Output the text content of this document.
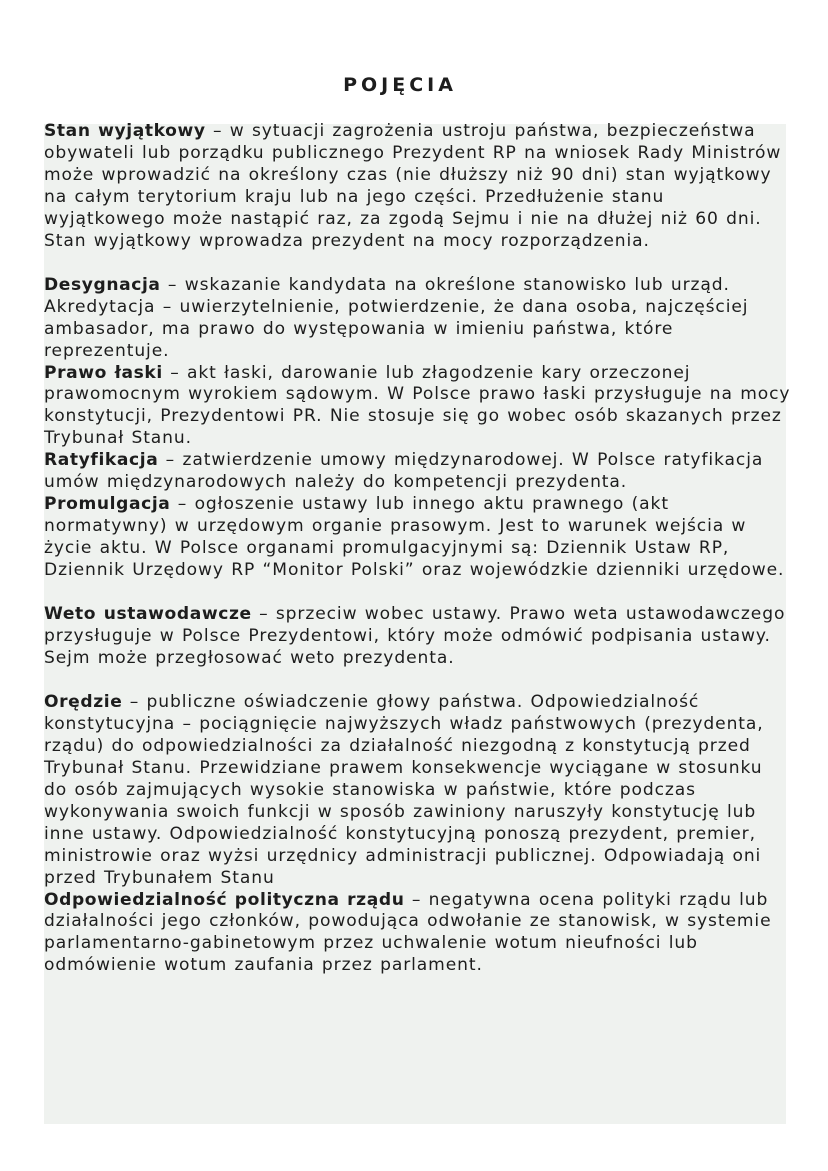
POJĘCIA

Stan wyjątkowy – w sytuacji zagrożenia ustroju państwa, bezpieczeństwa obywateli lub porządku publicznego Prezydent RP na wniosek Rady Ministrów może wprowadzić na określony czas (nie dłuższy niż 90 dni) stan wyjątkowy na całym terytorium kraju lub na jego części. Przedłużenie stanu wyjątkowego może nastąpić raz, za zgodą Sejmu i nie na dłużej niż 60 dni. Stan wyjątkowy wprowadza prezydent na mocy rozporządzenia.

Desygnacja – wskazanie kandydata na określone stanowisko lub urząd.

Akredytacja – uwierzytelnienie, potwierdzenie, że dana osoba, najczęściej ambasador, ma prawo do występowania w imieniu państwa, które reprezentuje.

Prawo łaski – akt łaski, darowanie lub złagodzenie kary orzeczonej prawomocnym wyrokiem sądowym. W Polsce prawo łaski przysługuje na mocy konstytucji, Prezydentowi PR. Nie stosuje się go wobec osób skazanych przez Trybunał Stanu.

Ratyfikacja – zatwierdzenie umowy międzynarodowej. W Polsce ratyfikacja umów międzynarodowych należy do kompetencji prezydenta.

Promulgacja – ogłoszenie ustawy lub innego aktu prawnego (akt normatywny) w urzędowym organie prasowym. Jest to warunek wejścia w życie aktu. W Polsce organami promulgacyjnymi są: Dziennik Ustaw RP, Dziennik Urzędowy RP “Monitor Polski” oraz wojewódzkie dzienniki urzędowe.

Weto ustawodawcze – sprzeciw wobec ustawy. Prawo weta ustawodawczego przysługuje w Polsce Prezydentowi, który może odmówić podpisania ustawy. Sejm może przegłosować weto prezydenta.

Orędzie – publiczne oświadczenie głowy państwa. Odpowiedzialność konstytucyjna – pociągnięcie najwyższych władz państwowych (prezydenta, rządu) do odpowiedzialności za działalność niezgodną z konstytucją przed Trybunał Stanu. Przewidziane prawem konsekwencje wyciągane w stosunku do osób zajmujących wysokie stanowiska w państwie, które podczas wykonywania swoich funkcji w sposób zawiniony naruszyły konstytucję lub inne ustawy. Odpowiedzialność konstytucyjną ponoszą prezydent, premier, ministrowie oraz wyżsi urzędnicy administracji publicznej. Odpowiadają oni przed Trybunałem Stanu

Odpowiedzialność polityczna rządu – negatywna ocena polityki rządu lub działalności jego członków, powodująca odwołanie ze stanowisk, w systemie parlamentarno-gabinetowym przez uchwalenie wotum nieufności lub odmówienie wotum zaufania przez parlament.
